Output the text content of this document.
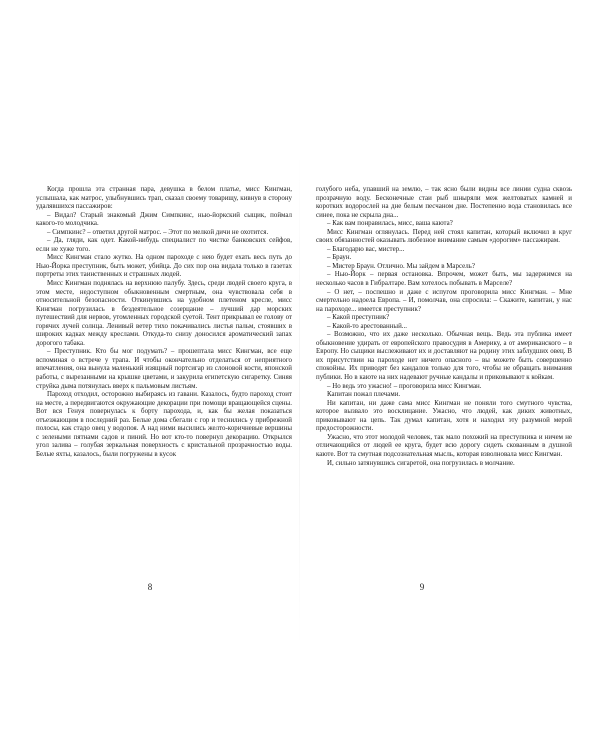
Когда прошла эта странная пара, девушка в белом платье, мисс Кингман, услышала, как матрос, улыбнувшись трап, сказал своему товарищу, кивнув в сторону удалявшихся пассажиров:

– Видал? Старый знакомый Джим Симпкинс, нью-йоркский сыщик, поймал какого-то молодчика.

– Симпкинс? – ответил другой матрос. – Этот по мелкой дичи не охотится.

– Да, гляди, как одет. Какой-нибудь специалист по чистке банковских сейфов, если не хуже того.

Мисс Кингман стало жутко. На одном пароходе с нею будет ехать весь путь до Нью-Йорка преступник, быть может, убийца. До сих пор она видала только в газетах портреты этих таинственных и страшных людей.

Мисс Кингман поднялась на верхнюю палубу. Здесь, среди людей своего круга, в этом месте, недоступном обыкновенным смертным, она чувствовала себя в относительной безопасности. Откинувшись на удобном плетеном кресле, мисс Кингман погрузилась в бездеятельное созерцание – лучший дар морских путешествий для нервов, утомленных городской суетой. Тент прикрывал ее голову от горячих лучей солнца. Ленивый ветер тихо покачивались листья пальм, стоявших в широких кадках между креслами. Откуда-то снизу доносился ароматический запах дорогого табака.

– Преступник. Кто бы мог подумать? – прошептала мисс Кингман, все еще вспоминая о встрече у трапа. И чтобы окончательно отделаться от неприятного впечатления, она вынула маленький изящный портсигар из слоновой кости, японской работы, с вырезанными на крышке цветами, и закурила египетскую сигаретку. Синяя струйка дыма потянулась вверх к пальмовым листьям.

Пароход отходил, осторожно выбираясь из гавани. Казалось, будто пароход стоит на месте, а передвигаются окружающие декорации при помощи вращающейся сцены. Вот вся Генуя повернулась к борту парохода, и, как бы желая показаться отъезжающим в последний раз. Белые дома сбегали с гор и теснились у прибрежной полосы, как стадо овец у водопоя. А над ними высились желто-коричневые вершины с зелеными пятнами садов и пиний. Но вот кто-то повернул декорацию. Открылся угол залива – голубая зеркальная поверхность с кристальной прозрачностью воды. Белые яхты, казалось, были погружены в кусок

8

голубого неба, упавший на землю, – так ясно были видны все линии судна сквозь прозрачную воду. Бесконечные стаи рыб шныряли меж желтоватых камней и коротких водорослей на дне белым песчаном дне. Постепенно вода становилась все синее, пока не скрыла дна...

– Как вам понравилась, мисс, ваша каюта?

Мисс Кингман оглянулась. Перед ней стоял капитан, который включил в круг своих обязанностей оказывать любезное внимание самым «дорогим» пассажирам.

– Благодарю вас, мистер...

– Браун.

– Мистер Браун. Отлично. Мы зайдем в Марсель?

– Нью-Йорк – первая остановка. Впрочем, может быть, мы задержимся на несколько часов в Гибралтаре. Вам хотелось побывать в Марселе?

– О нет, – поспешно и даже с испугом проговорила мисс Кингман. – Мне смертельно надоела Европа. – И, помолчав, она спросила: – Скажите, капитан, у нас на пароходе... имеется преступник?

– Какой преступник?

– Какой-то арестованный...

– Возможно, что их даже несколько. Обычная вещь. Ведь эта публика имеет обыкновение удирать от европейского правосудия в Америку, а от американского – в Европу. Но сыщики выслеживают их и доставляют на родину этих заблудших овец. В их присутствии на пароходе нет ничего опасного – вы можете быть совершенно спокойны. Их приводят без кандалов только для того, чтобы не обращать внимания публики. Но в каюте на них надевают ручные кандалы и приковывают к койкам.

– Но ведь это ужасно! – проговорила мисс Кингман.

Капитан пожал плечами.

Ни капитан, ни даже сама мисс Кингман не поняли того смутного чувства, которое вызвало это восклицание. Ужасно, что людей, как диких животных, приковывают на цепь. Так думал капитан, хотя и находил эту разумной мерой предосторожности.

Ужасно, что этот молодой человек, так мало похожий на преступника и ничем не отличающийся от людей ее круга, будет всю дорогу сидеть скованным в душной каюте. Вот та смутная подсознательная мысль, которая взволновала мисс Кингман.

И, сильно затянувшись сигаретой, она погрузилась в молчание.

9
